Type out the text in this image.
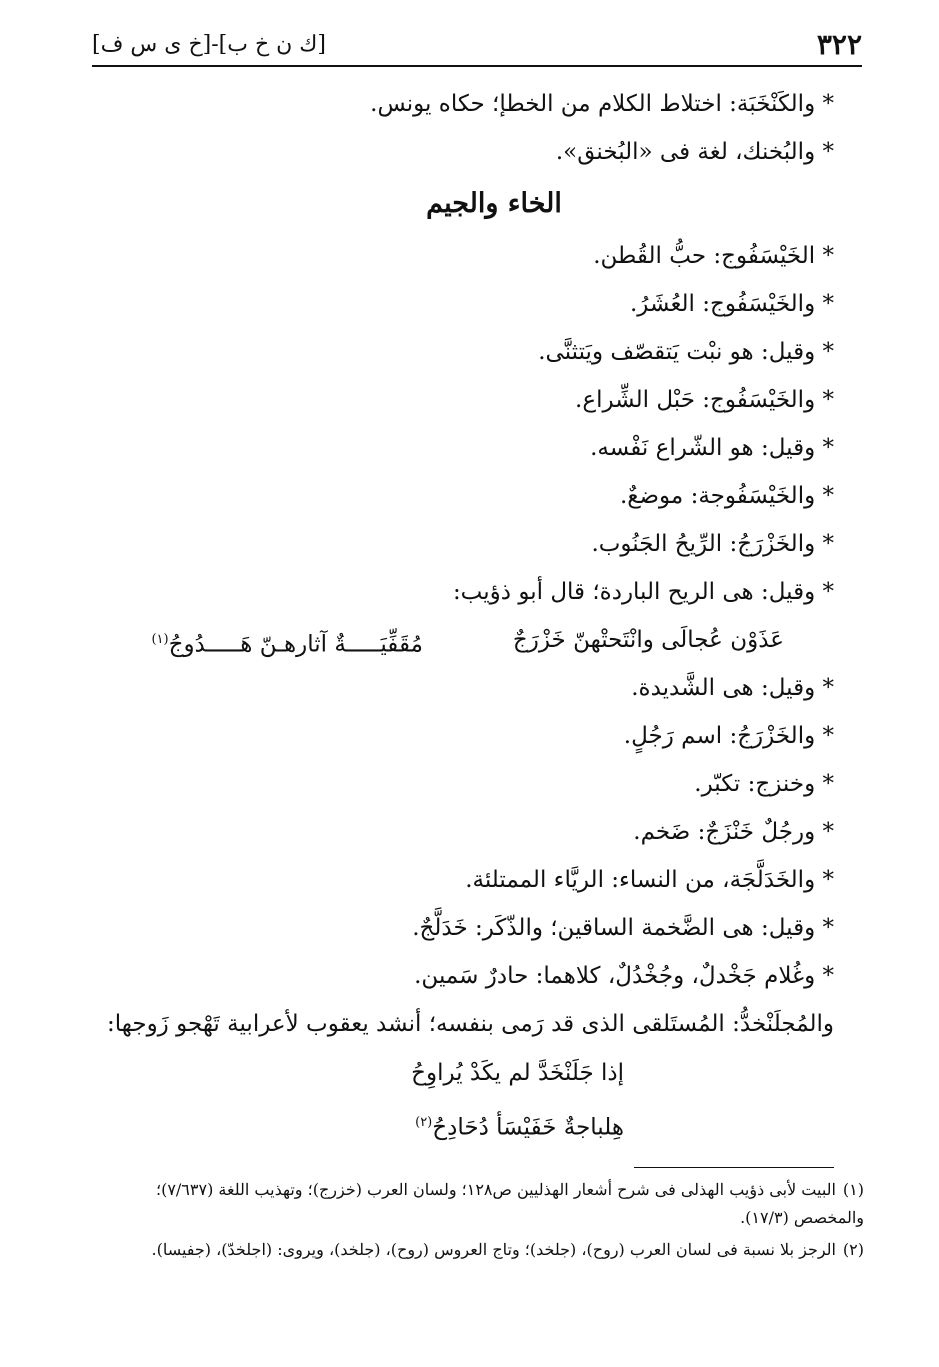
٣٢٢
[ك ن خ ب]-[خ ى س ف]
* والكَنْخَبَة: اختلاط الكلام من الخطإ؛ حكاه يونس.
* والبُخنك، لغة فى «البُخنق».
الخاء والجيم
* الخَيْسَفُوج: حبُّ القُطن.
* والخَيْسَفُوج: العُشَرُ.
* وقيل: هو نبْت يَتقصّف ويَتثنَّى.
* والخَيْسَفُوج: حَبْل الشِّراع.
* وقيل: هو الشّراع نَفْسه.
* والخَيْسَفُوجة: موضعٌ.
* والخَزْرَجُ: الرِّيحُ الجَنُوب.
* وقيل: هى الريح الباردة؛ قال أبو ذؤيب:
عَذَوْن عُجالَى وانْتَحتْهنّ خَزْرَجٌ
مُقَفِّيَـــــةٌ آثارهـنّ هَـــــدُوجُ$^{(١)}$
* وقيل: هى الشَّديدة.
* والخَزْرَجُ: اسم رَجُلٍ.
* وخنزج: تكبّر.
* ورجُلٌ خَنْزَجٌ: ضَخم.
* والخَدَلَّجَة، من النساء: الريَّاء الممتلئة.
* وقيل: هى الضَّخمة الساقين؛ والذّكَر: خَدَلَّجٌ.
* وغُلام جَخْدلٌ، وجُخْدُلٌ، كلاهما: حادرٌ سَمين.
والمُجلَنْخدُّ: المُستَلقى الذى قد رَمى بنفسه؛ أنشد يعقوب لأعرابية تَهْجو زَوجها:
إذا جَلَنْخَدَّ لم يكَدْ يُراوِحُ
هِلباجةٌ خَفَيْسَأ دُحَادِحُ$^{(٢)}$
(١)البيت لأبى ذؤيب الهذلى فى شرح أشعار الهذليين ص١٢٨؛ ولسان العرب (خزرج)؛ وتهذيب اللغة (٧/٦٣٧)؛ والمخصص (١٧/٣).
(٢)الرجز بلا نسبة فى لسان العرب (روح)، (جلخد)؛ وتاج العروس (روح)، (جلخد)، ويروى: (اجلخدّ)، (جفيسا).
